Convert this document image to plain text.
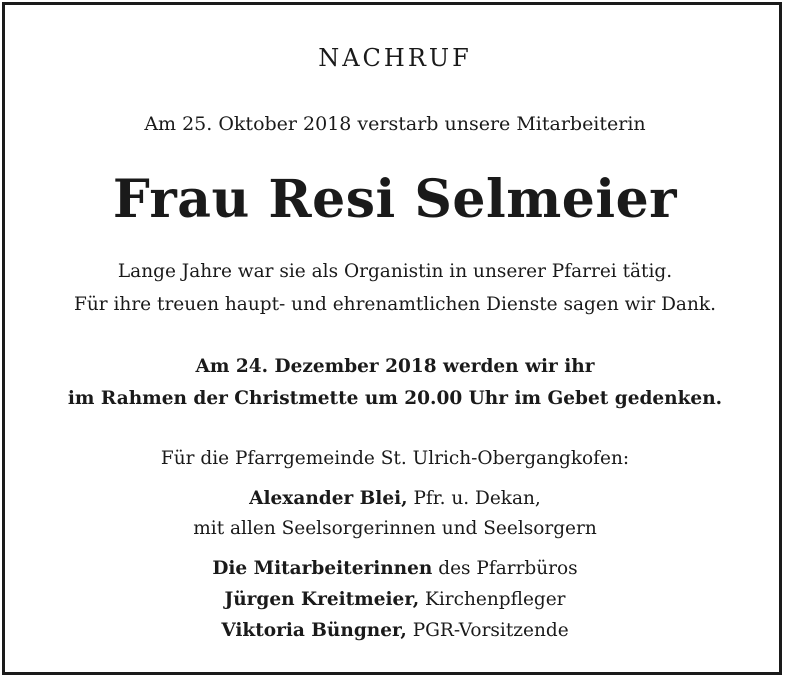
NACHRUF
Am 25. Oktober 2018 verstarb unsere Mitarbeiterin
Frau Resi Selmeier
Lange Jahre war sie als Organistin in unserer Pfarrei tätig.
Für ihre treuen haupt- und ehrenamtlichen Dienste sagen wir Dank.
Am 24. Dezember 2018 werden wir ihr
im Rahmen der Christmette um 20.00 Uhr im Gebet gedenken.
Für die Pfarrgemeinde St. Ulrich-Obergangkofen:
Alexander Blei, Pfr. u. Dekan,
mit allen Seelsorgerinnen und Seelsorgern
Die Mitarbeiterinnen des Pfarrbüros
Jürgen Kreitmeier, Kirchenpfleger
Viktoria Büngner, PGR-Vorsitzende
